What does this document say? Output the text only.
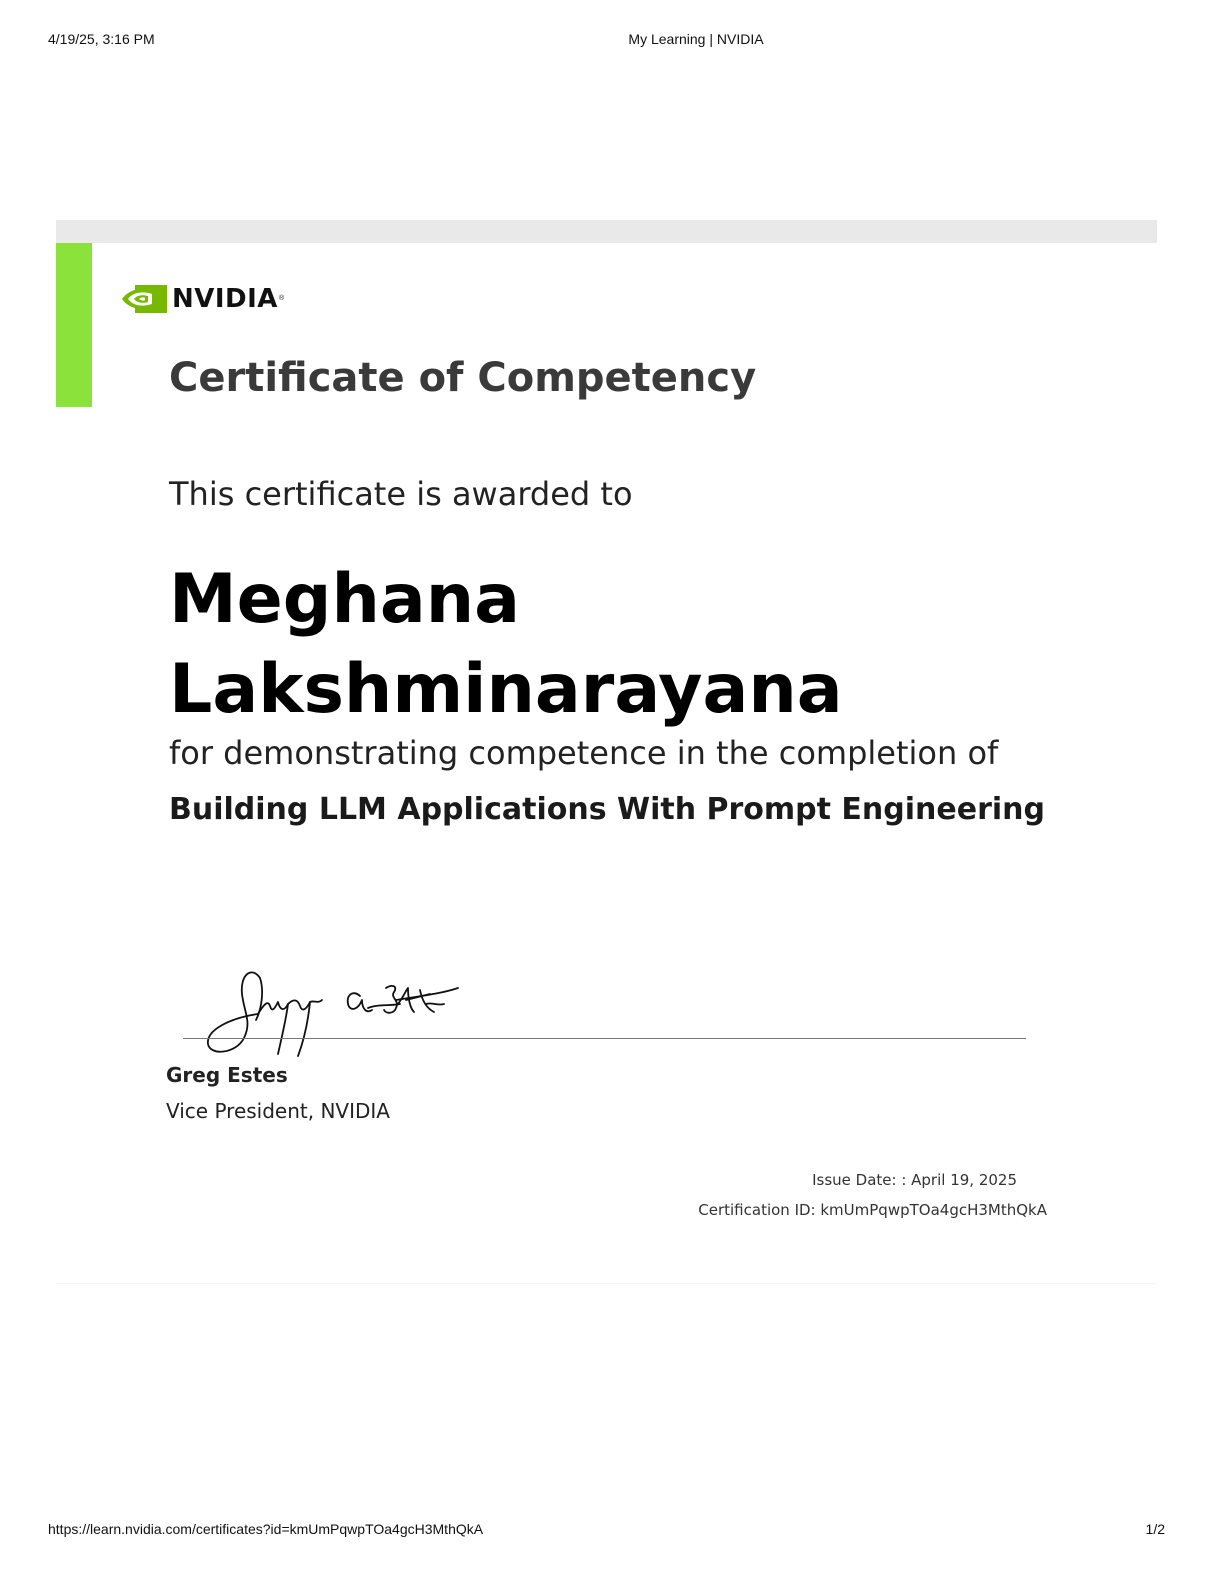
4/19/25, 3:16 PM	My Learning | NVIDIA
NVIDIA ®
Certificate of Competency
This certificate is awarded to
Meghana
Lakshminarayana
for demonstrating competence in the completion of
Building LLM Applications With Prompt Engineering
Greg Estes
Vice President, NVIDIA
Issue Date: : April 19, 2025
Certification ID: kmUmPqwpTOa4gcH3MthQkA
https://learn.nvidia.com/certificates?id=kmUmPqwpTOa4gcH3MthQkA	1/2
